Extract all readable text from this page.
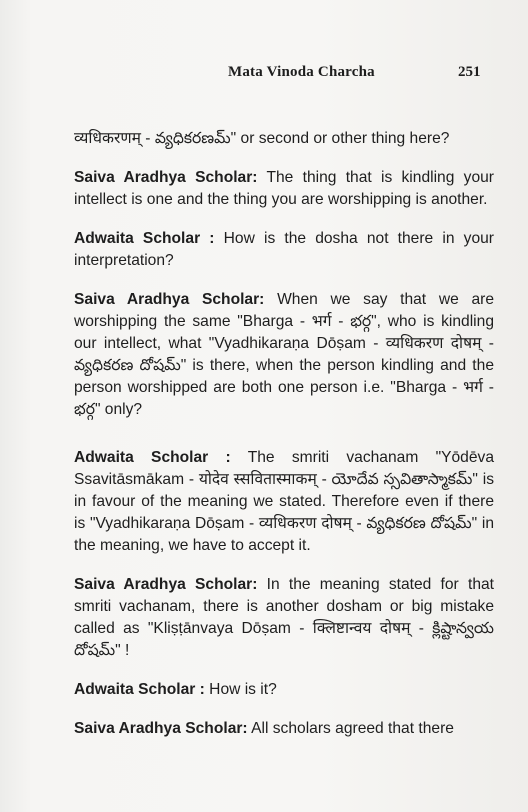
Mata Vinoda Charcha	251

व्यधिकरणम् - వ్యధికరణమ్" or second or other thing here?

Saiva Aradhya Scholar: The thing that is kindling your intellect is one and the thing you are worshipping is another.

Adwaita Scholar : How is the dosha not there in your interpretation?

Saiva Aradhya Scholar: When we say that we are worshipping the same "Bharga - भर्ग - భర్గ", who is kindling our intellect, what "Vyadhikaraṇa Dōṣam - व्यधिकरण दोषम् - వ్యధికరణ దోషమ్" is there, when the person kindling and the person worshipped are both one person i.e. "Bharga - भर्ग - భర్గ" only?

Adwaita Scholar : The smriti vachanam "Yōdēva Ssavitāsmākam - योदेव स्सवितास्माकम् - యోదేవ స్సవితాస్మాకమ్" is in favour of the meaning we stated. Therefore even if there is "Vyadhikaraṇa Dōṣam - व्यधिकरण दोषम् - వ్యధికరణ దోషమ్" in the meaning, we have to accept it.

Saiva Aradhya Scholar: In the meaning stated for that smriti vachanam, there is another dosham or big mistake called as "Kliṣṭānvaya Dōṣam - क्लिष्टान्वय दोषम् - క్లిష్టాన్వయ దోషమ్" !

Adwaita Scholar : How is it?

Saiva Aradhya Scholar: All scholars agreed that there
